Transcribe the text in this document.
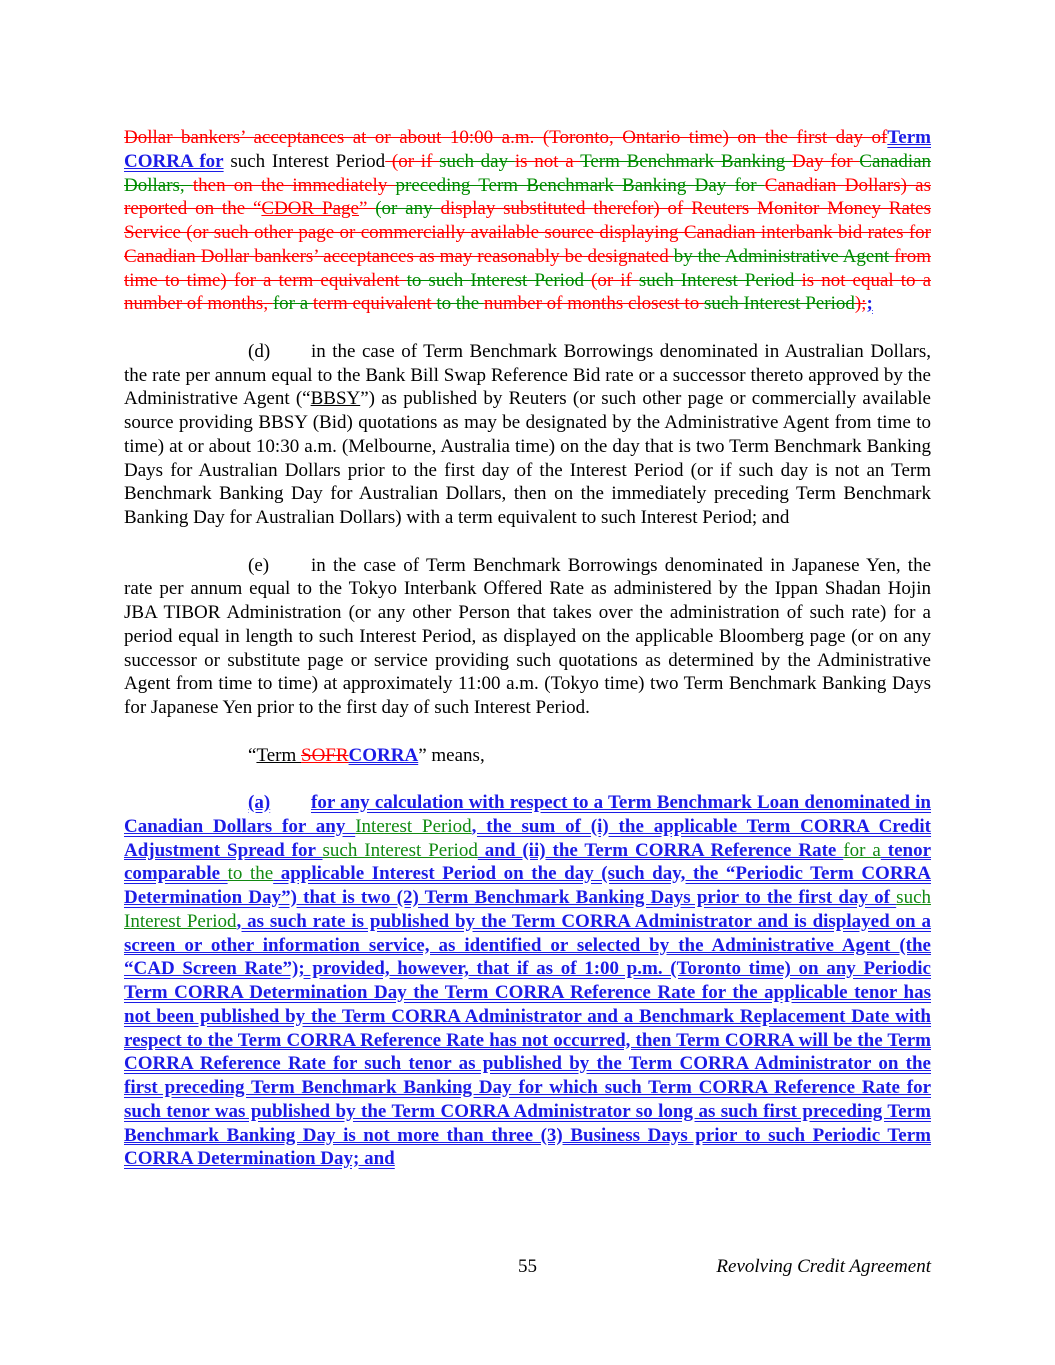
Dollar bankers’ acceptances at or about 10:00 a.m. (Toronto, Ontario time) on the first day ofTerm CORRA for such Interest Period (or if such day is not a Term Benchmark Banking Day for Canadian Dollars, then on the immediately preceding Term Benchmark Banking Day for Canadian Dollars) as reported on the “CDOR Page” (or any display substituted therefor) of Reuters Monitor Money Rates Service (or such other page or commercially available source displaying Canadian interbank bid rates for Canadian Dollar bankers’ acceptances as may reasonably be designated by the Administrative Agent from time to time) for a term equivalent to such Interest Period (or if such Interest Period is not equal to a number of months, for a term equivalent to the number of months closest to such Interest Period);;

(d) in the case of Term Benchmark Borrowings denominated in Australian Dollars, the rate per annum equal to the Bank Bill Swap Reference Bid rate or a successor thereto approved by the Administrative Agent (“BBSY”) as published by Reuters (or such other page or commercially available source providing BBSY (Bid) quotations as may be designated by the Administrative Agent from time to time) at or about 10:30 a.m. (Melbourne, Australia time) on the day that is two Term Benchmark Banking Days for Australian Dollars prior to the first day of the Interest Period (or if such day is not an Term Benchmark Banking Day for Australian Dollars, then on the immediately preceding Term Benchmark Banking Day for Australian Dollars) with a term equivalent to such Interest Period; and

(e) in the case of Term Benchmark Borrowings denominated in Japanese Yen, the rate per annum equal to the Tokyo Interbank Offered Rate as administered by the Ippan Shadan Hojin JBA TIBOR Administration (or any other Person that takes over the administration of such rate) for a period equal in length to such Interest Period, as displayed on the applicable Bloomberg page (or on any successor or substitute page or service providing such quotations as determined by the Administrative Agent from time to time) at approximately 11:00 a.m. (Tokyo time) two Term Benchmark Banking Days for Japanese Yen prior to the first day of such Interest Period.

“Term SOFRCORRA” means,

(a) for any calculation with respect to a Term Benchmark Loan denominated in Canadian Dollars for any Interest Period, the sum of (i) the applicable Term CORRA Credit Adjustment Spread for such Interest Period and (ii) the Term CORRA Reference Rate for a tenor comparable to the applicable Interest Period on the day (such day, the “Periodic Term CORRA Determination Day”) that is two (2) Term Benchmark Banking Days prior to the first day of such Interest Period, as such rate is published by the Term CORRA Administrator and is displayed on a screen or other information service, as identified or selected by the Administrative Agent (the “CAD Screen Rate”); provided, however, that if as of 1:00 p.m. (Toronto time) on any Periodic Term CORRA Determination Day the Term CORRA Reference Rate for the applicable tenor has not been published by the Term CORRA Administrator and a Benchmark Replacement Date with respect to the Term CORRA Reference Rate has not occurred, then Term CORRA will be the Term CORRA Reference Rate for such tenor as published by the Term CORRA Administrator on the first preceding Term Benchmark Banking Day for which such Term CORRA Reference Rate for such tenor was published by the Term CORRA Administrator so long as such first preceding Term Benchmark Banking Day is not more than three (3) Business Days prior to such Periodic Term CORRA Determination Day; and

55	Revolving Credit Agreement
